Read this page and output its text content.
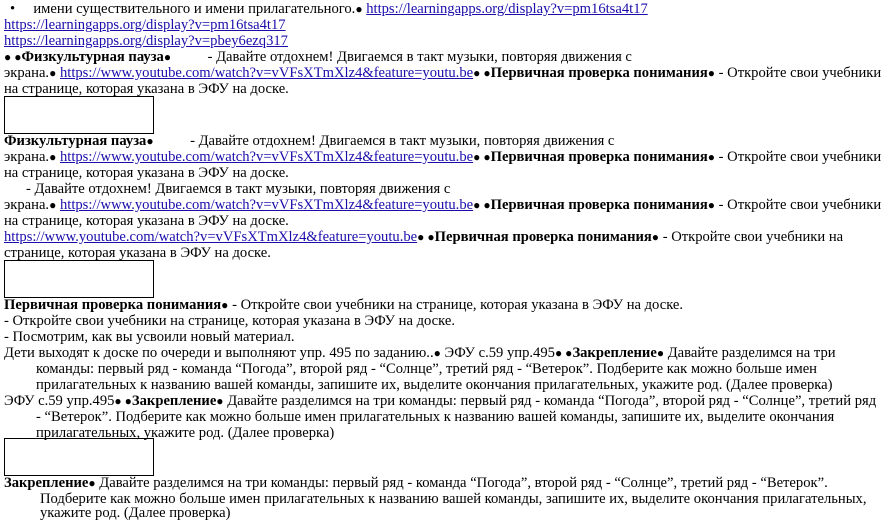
• имени существительного и имени прилагательного.● https://learningapps.org/display?v=pm16tsa4t17
https://learningapps.org/display?v=pm16tsa4t17
https://learningapps.org/display?v=pbey6ezq317
● ●Физкультурная пауза● - Давайте отдохнем! Двигаемся в такт музыки, повторяя движения с
экрана.● https://www.youtube.com/watch?v=vVFsXTmXlz4&feature=youtu.be● ●Первичная проверка понимания● - Откройте свои учебники
на странице, которая указана в ЭФУ на доске.
Физкультурная пауза● - Давайте отдохнем! Двигаемся в такт музыки, повторяя движения с
экрана.● https://www.youtube.com/watch?v=vVFsXTmXlz4&feature=youtu.be● ●Первичная проверка понимания● - Откройте свои учебники
на странице, которая указана в ЭФУ на доске.
- Давайте отдохнем! Двигаемся в такт музыки, повторяя движения с
экрана.● https://www.youtube.com/watch?v=vVFsXTmXlz4&feature=youtu.be● ●Первичная проверка понимания● - Откройте свои учебники
на странице, которая указана в ЭФУ на доске.
https://www.youtube.com/watch?v=vVFsXTmXlz4&feature=youtu.be● ●Первичная проверка понимания● - Откройте свои учебники на
странице, которая указана в ЭФУ на доске.
Первичная проверка понимания● - Откройте свои учебники на странице, которая указана в ЭФУ на доске.
- Откройте свои учебники на странице, которая указана в ЭФУ на доске.
- Посмотрим, как вы усвоили новый материал.
Дети выходят к доске по очереди и выполняют упр. 495 по заданию..● ЭФУ с.59 упр.495● ●Закрепление● Давайте разделимся на три
команды: первый ряд - команда “Погода”, второй ряд - “Солнце”, третий ряд - “Ветерок”. Подберите как можно больше имен
прилагательных к названию вашей команды, запишите их, выделите окончания прилагательных, укажите род. (Далее проверка)
ЭФУ с.59 упр.495● ●Закрепление● Давайте разделимся на три команды: первый ряд - команда “Погода”, второй ряд - “Солнце”, третий ряд
- “Ветерок”. Подберите как можно больше имен прилагательных к названию вашей команды, запишите их, выделите окончания
прилагательных, укажите род. (Далее проверка)
Закрепление● Давайте разделимся на три команды: первый ряд - команда “Погода”, второй ряд - “Солнце”, третий ряд - “Ветерок”.
Подберите как можно больше имен прилагательных к названию вашей команды, запишите их, выделите окончания прилагательных,
укажите род. (Далее проверка)
